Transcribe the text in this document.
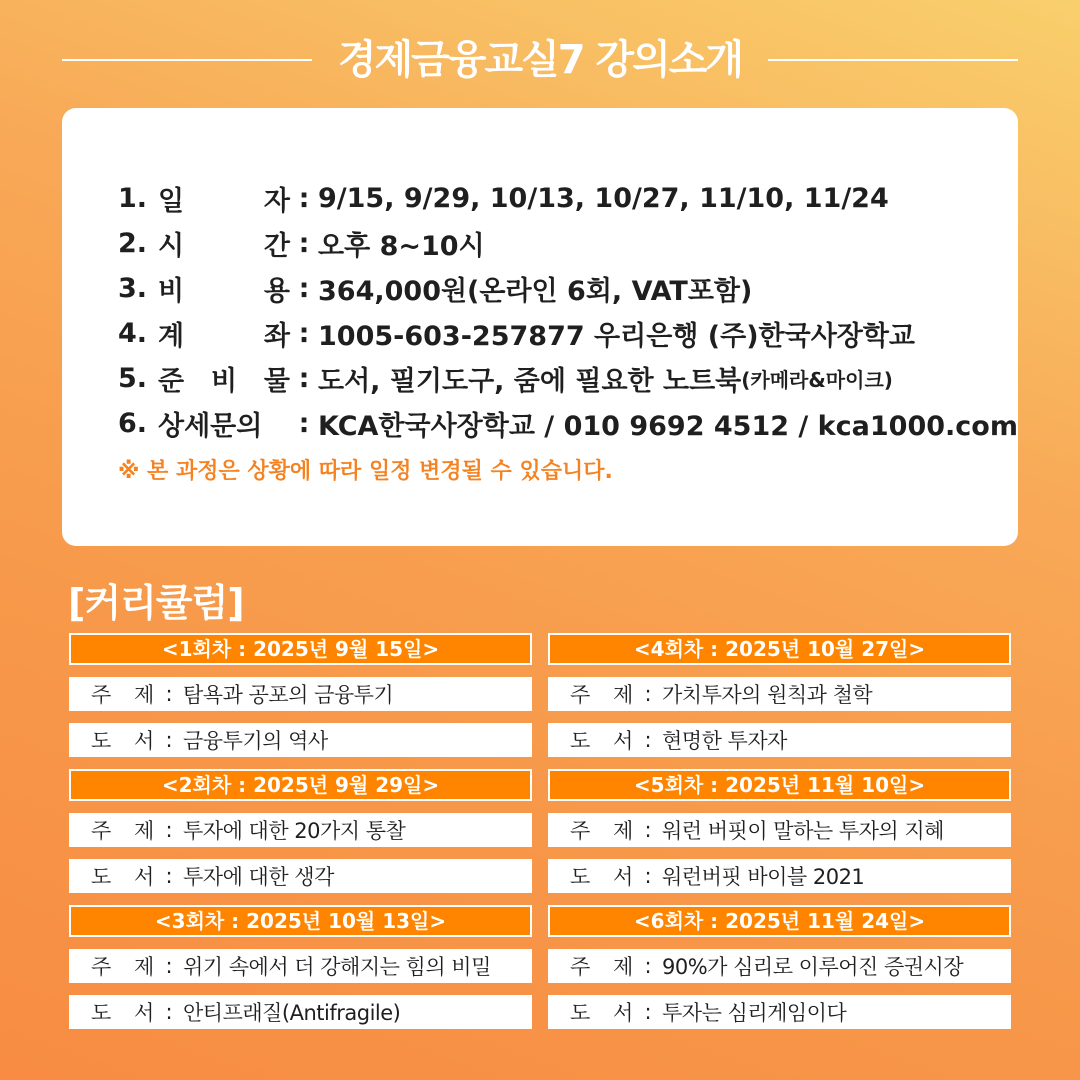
경제금융교실7 강의소개
1. 일	자 : 9/15, 9/29, 10/13, 10/27, 11/10, 11/24
2. 시	간 : 오후 8~10시
3. 비	용 : 364,000원(온라인 6회, VAT포함)
4. 계	좌 : 1005-603-257877 우리은행 (주)한국사장학교
5. 준 비 물 : 도서, 필기도구, 줌에 필요한 노트북 (카메라&마이크)
6. 상세문의	: KCA한국사장학교 / 010 9692 4512 / kca1000.com
※ 본 과정은 상황에 따라 일정 변경될 수 있습니다.
[커리큘럼]
<1회차 : 2025년 9월 15일>
주 제 : 탐욕과 공포의 금융투기
도 서 : 금융투기의 역사
<2회차 : 2025년 9월 29일>
주 제 : 투자에 대한 20가지 통찰
도 서 : 투자에 대한 생각
<3회차 : 2025년 10월 13일>
주 제 : 위기 속에서 더 강해지는 힘의 비밀
도 서 : 안티프래질(Antifragile)
<4회차 : 2025년 10월 27일>
주 제 : 가치투자의 원칙과 철학
도 서 : 현명한 투자자
<5회차 : 2025년 11월 10일>
주 제 : 워런 버핏이 말하는 투자의 지혜
도 서 : 워런버핏 바이블 2021
<6회차 : 2025년 11월 24일>
주 제 : 90%가 심리로 이루어진 증권시장
도 서 : 투자는 심리게임이다
